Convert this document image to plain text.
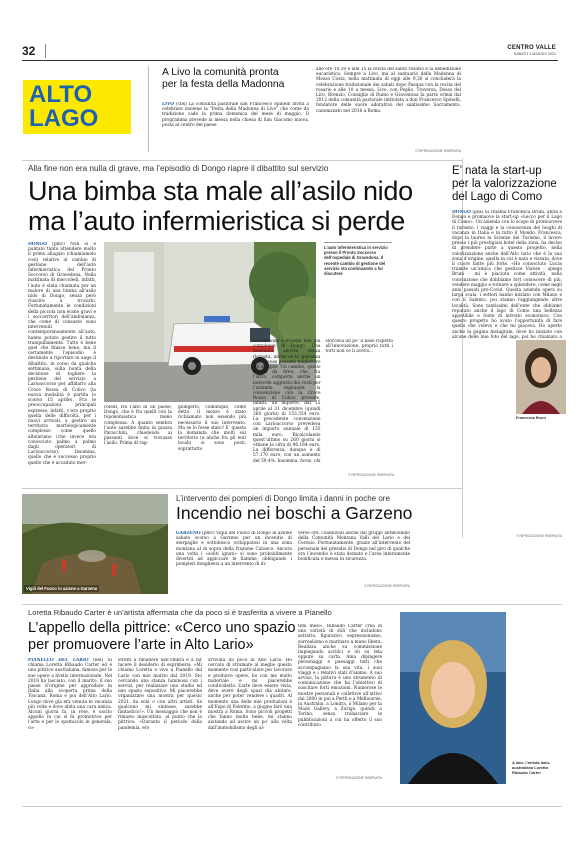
32	CENTRO VALLE
SABATO 1 MAGGIO 2021
ALTO
LAGO
A Livo la comunità pronta
per la festa della Madonna
LIVO (cbs) La comunità pastorale san Francesco Spinelli invita a celebrare insieme la "Festa della Madonna di Livo" che come da tradizione cade la prima domenica del mese di maggio. Il programma prevede la messa nella chiesa di San Giacomo nuova, posta al centro del paese
alle ore 10,30 e alle 15 la recita del santo rosario e la benedizione eucaristica. Sempre a Livo, ma al santuario della Madonna di Mezzo Costa, nella mattinata di oggi alle 9,30 si concluderà la celebrazione tradizionale dei sabati dopo Pasqua con la recita del rosario e alle 10 a messa. Livo, con Peglio, Traversa, Dosso del Liro, Brenzio, Consiglio di Rumo e Gravedona fa parte ormai dal 2012 della comunità pastorale intitolata a don Francesco Spinelli, fondatore delle suore adoratrici del santissimo Sacramento, canonizzato nel 2018 a Roma.
© RIPRODUZIONE RISERVATA
Alla fine non era nulla di grave, ma l’episodio di Dongo riapre il dibattito sul servizio
Una bimba sta male all’asilo nido
ma l’auto infermieristica si perde
DONGO (pmv) Non si è puntato tanto attendere molto il primo allagato (chiamiamolo così) relativo al cambio di gestione dell’auto infermieristica del Pronto Soccorso di Gravedona. Nella mattinata di mercoledì, infatti, l’auto è stata chiamata per un malore di una bimba all’asilo nido di Dongo, senza però riuscire a trovarlo. Fortunatamente le condizioni della piccola non erano gravi e i soccorritori dell’ambulanza, che come di consueto sono intervenuti contemporaneamente all’auto, hanno potuto gestire il tutto tranquillamente. Tutto è bene quel che finisce bene, ma il certamente l’episodio è destinato a riportare in auge il dibattito, in corso da qualche settimana, sulla bontà della decisione di togliere la gestione del servizio a Larioaccorso per affidarlo alla Croce Rossa di Colico (la nuova modalità è partita lo scorso 15 aprile). Fra le preoccupazioni principali espresse, infatti, c’era proprio quella delle difficoltà, per i nuovi arrivati, a gestire un territorio morfologicamente complesso come quello altolariano (che invece era conosciuto palmo a palmo dagli operatori di Larioaccorso). Insomma, quello che è successo proprio quello che è accaduto mer-
coledì, fra l’alto in un paese, Dongo, che è fra quelli con la toponomastica meno complessa. A quanto sembra l’auto sarebbe finita in piazza Paracchini, chiedendo ai passanti dove si trovasse l’asilo. Prima di rag-
giungerlo, comunque, come detto, il mezzo è stato richiamato non essendo più necessario il suo intervento. Ma se lo fosse stato? E’ questa la domanda che molti sul territorio (e anche fra gli enti locali) si sono posti, soprattutto
L’auto infermieristica in servizio presso il Pronto Soccorso dell’ospedale di Gravedona. Il recente cambio di gestione del servizio sta continuando a far discutere
in relazione a località ben più complesse di Dongo. Una domanda ancora senza risposta, anche se la speranza che le cose possano migliorare c’è sempre. Un cambio, quello deciso da Areu, che, fra l’altro, comporta anche un notevole aggravio dei costi per l’azienda regionale: la convenzione con la Croce Rossa di Colico prevede, infatti, un importo, dal 15 aprile al 31 dicembre (quindi 260 giorni) di 153.354 euro. La precedente convenzione con Larioaccorso prevedeva un importo annuale di 135 mila euro. Ricalcolando quest’ultimo su 260 giorni si ottiene la cifra di 96.164 euro. La differenza, dunque è di 57.170 euro, con un aumento del 59,4%. Insomma, forse, chi storceva un po’ il naso rispetto all’innovazione, proprio tutti i torti non ce li aveva...
© RIPRODUZIONE RISERVATA
E’ nata la start-up
per la valorizzazione
del Lago di Como
DONGO (gsa) Si chiama Francesca Bruni, abita a Dongo e promuove la start-up «Lecco per il Lago di Como». Un’azienda con lo scopo di promuovere il turismo, i viaggi e la conoscenza dei luoghi di vacanza in Italia e in tutto il Mondo. Francesca, dopo la laurea in Scienze del Turismo, il lavoro presso i più prestigiosi hotel della zona, ha deciso di prendere parte a questo progetto, nella valorizzazione anche dell’Alto lario che è la sua zona d’origine, quella in cui è nata e vissuta, dove il cuore batte più forte. «Ho conosciuto Lucas tramite un’amica che gestisce Varese - spiega Bruni - mi è piaciuta come attività, nella convinzione che dobbiamo fort conoscere di più, vendere maggio e tornare a splendere, come negli anni passati pre-Covid. Questa azienda opera su larga scala, i settori hanno iniziato con Milano e con il Salento, poi stanno raggiungendo altre località. Sono tantissimi dell’ente che abbiamo reputato anche il lago di Como una bellezza appetibile e fonte di introito economico. Con questo progetto ho avuto l’opportunità di fare quello che volevo e che mi piaceva. Ho aperto anche la pagina Instagram, dove ho iniziato con alcune delle mie foto del lago, poi ho chiamato a
Francesca Bruni
© RIPRODUZIONE RISERVATA
Vigili del Fuoco in azione a Garzeno
L’intervento dei pompieri di Dongo limita i danni in poche ore
Incendio nei boschi a Garzeno
GARZENO (pmv) Vigili del Fuoco di Dongo in azione sabato scorso a Garzeno per un incendio di sterpaglie e sottobosco sviluppatosi in una zona montana al di sopra della frazione Cataeco. Ancora una volta i «soliti ignoti» si sono probabilmente divertiti ad appiccare le fiamme, obbligando i pompieri dongheesi a un intervento di di-
verse ore, coadiuvati anche dai gruppi antincendio della Comunità Montana Valli del Lario e del Ceresio. Fortunatamente, grazie all’intervento del personale del presidio di Dongo nel giro di qualche ora l’incendio è stato domato e l’area interamente bonificata e messa in sicurezza.
© RIPRODUZIONE RISERVATA
Loretta Ribaudo Carter è un’artista affermata che da poco si è trasferita a vivere a Pianello
L’appello della pittrice: «Cerco uno spazio
per promuovere l’arte in Alto Lario»
PIANELLO DEL LARIO (nel) Si chiama Loretta Ribaudo Carter ed è una pittrice australiana, famosa per le sue opere a livello internazionale. Nel 2018 ha lasciato, con il marito, il suo paese d’origine per approdare in Italia alla scoperta prima della Toscana, Roma e poi dell’Alto Lario. Luogo dove già era venuta in vacanza più volte e dove abita una cara amica. Alcuni giorni fa, in rete, è uscito appello in cui si fa promotrice per l’arte e per lo spettacolo in generale, co-
stretti a rimanere nell’ombra e a far tacere il desiderio di esprimersi: «Mi chiamo Loretta e vivo a Pianello del Lario con mio marito dal 2019. Sto cercando una stanza luminosa con i servizi, per realizzare uno studio ed uno spazio espositivo. Mi piacerebbe organizzare una mostra per questo 2021, da sola o con altri artisti. Se qualcuno mi sintasse, sarebbe fantastico!». Un messaggio che non è rimasto inascoltato, al punto che la pittrice: «Durante il periodo della pandemia, ero
arrivata da poco in Alto Lario. Ho cercato di strumare al meglio questo momento così particolare per lavorare e produrre opere, ho con me molto materiale e mi piacerebbe condividerlo. L’arte deve essere vista, deve avere degli spazi dia abitare, anche per poter vendere i quadri. Al momento una delle mie produzioni è all’Expo di Palermo, a giugno farò una mostra a Roma. Sono piccoli progetti che fanno molto bene, mi stanno aiutando ad uscire un po’ alla volta dall’immobilismo degli ul-
timi mesi». Ribaudo Carter crea in una varietà di stili che includono astratto, figurativo, espressionismo, surrealismo e marinaro a mano libera. Realizza anche su commissione impiegando acrilici e oli su tela oppure su carta. Ama dipingere personaggi e paesaggi tutti che accompagnano la sua vita, i suoi viaggi e i relativi stati d’animo. A suo avviso, la pittura è uno strumento di comunicazione che ha l’obiettivo di suscitare forti emozioni. Numerose le mostre personali e collettive all’attivo dal 2000 in poi a Perth e a Melbourne, in Australia, a Londra, a Milano per la Mads Gallery, a Zurigo, quindi, a Torino, senza tralasciare le pubblicazioni a cui ha offerto il suo contributo.
© RIPRODUZIONE RISERVATA
A lato: l’artista italo-australiana Loretta Ribaudo Carter
